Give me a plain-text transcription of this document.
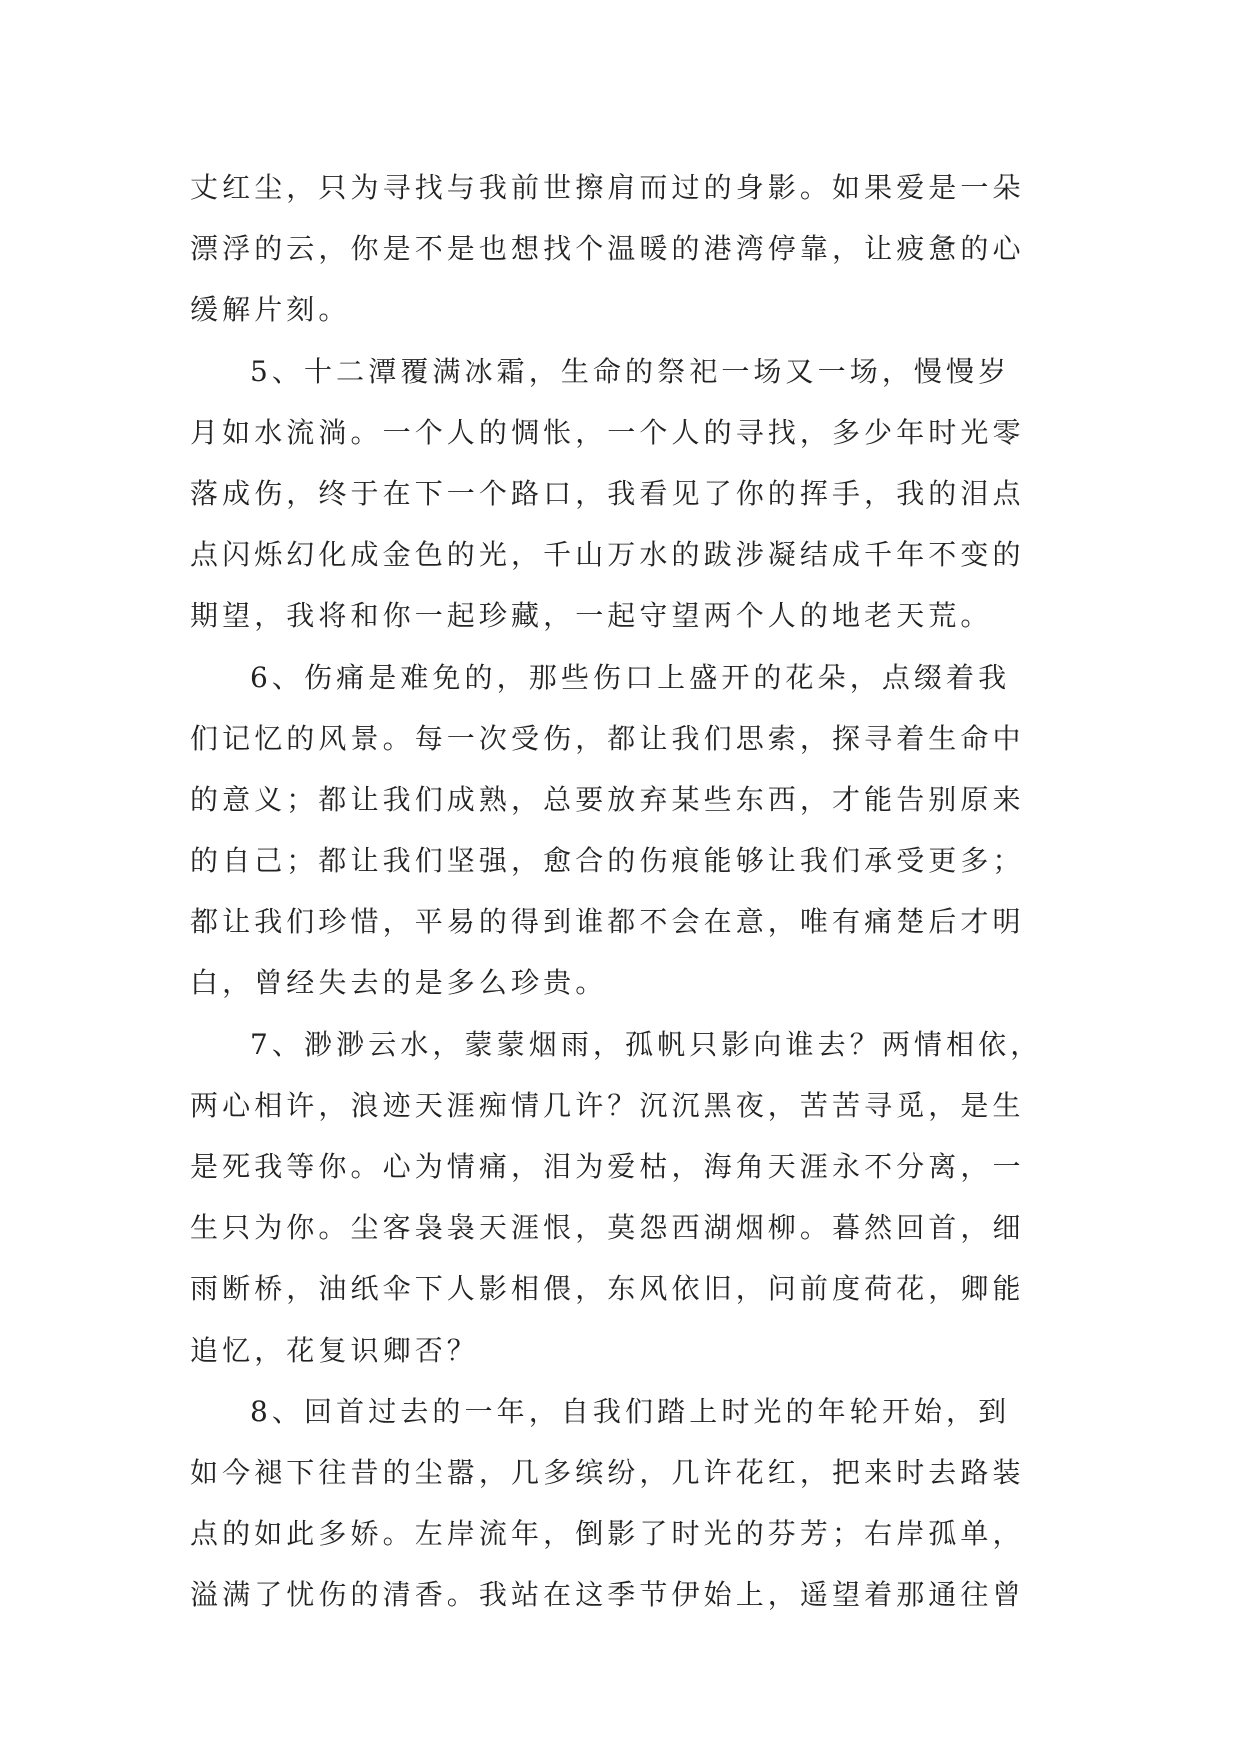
丈红尘，只为寻找与我前世擦肩而过的身影。如果爱是一朵
漂浮的云，你是不是也想找个温暖的港湾停靠，让疲惫的心
缓解片刻。
5、十二潭覆满冰霜，生命的祭祀一场又一场，慢慢岁
月如水流淌。一个人的惆怅，一个人的寻找，多少年时光零
落成伤，终于在下一个路口，我看见了你的挥手，我的泪点
点闪烁幻化成金色的光，千山万水的跋涉凝结成千年不变的
期望，我将和你一起珍藏，一起守望两个人的地老天荒。
6、伤痛是难免的，那些伤口上盛开的花朵，点缀着我
们记忆的风景。每一次受伤，都让我们思索，探寻着生命中
的意义；都让我们成熟，总要放弃某些东西，才能告别原来
的自己；都让我们坚强，愈合的伤痕能够让我们承受更多；
都让我们珍惜，平易的得到谁都不会在意，唯有痛楚后才明
白，曾经失去的是多么珍贵。
7、渺渺云水，蒙蒙烟雨，孤帆只影向谁去？两情相依，
两心相许，浪迹天涯痴情几许？沉沉黑夜，苦苦寻觅，是生
是死我等你。心为情痛，泪为爱枯，海角天涯永不分离，一
生只为你。尘客袅袅天涯恨，莫怨西湖烟柳。暮然回首，细
雨断桥，油纸伞下人影相偎，东风依旧，问前度荷花，卿能
追忆，花复识卿否？
8、回首过去的一年，自我们踏上时光的年轮开始，到
如今褪下往昔的尘嚣，几多缤纷，几许花红，把来时去路装
点的如此多娇。左岸流年，倒影了时光的芬芳；右岸孤单，
溢满了忧伤的清香。我站在这季节伊始上，遥望着那通往曾
